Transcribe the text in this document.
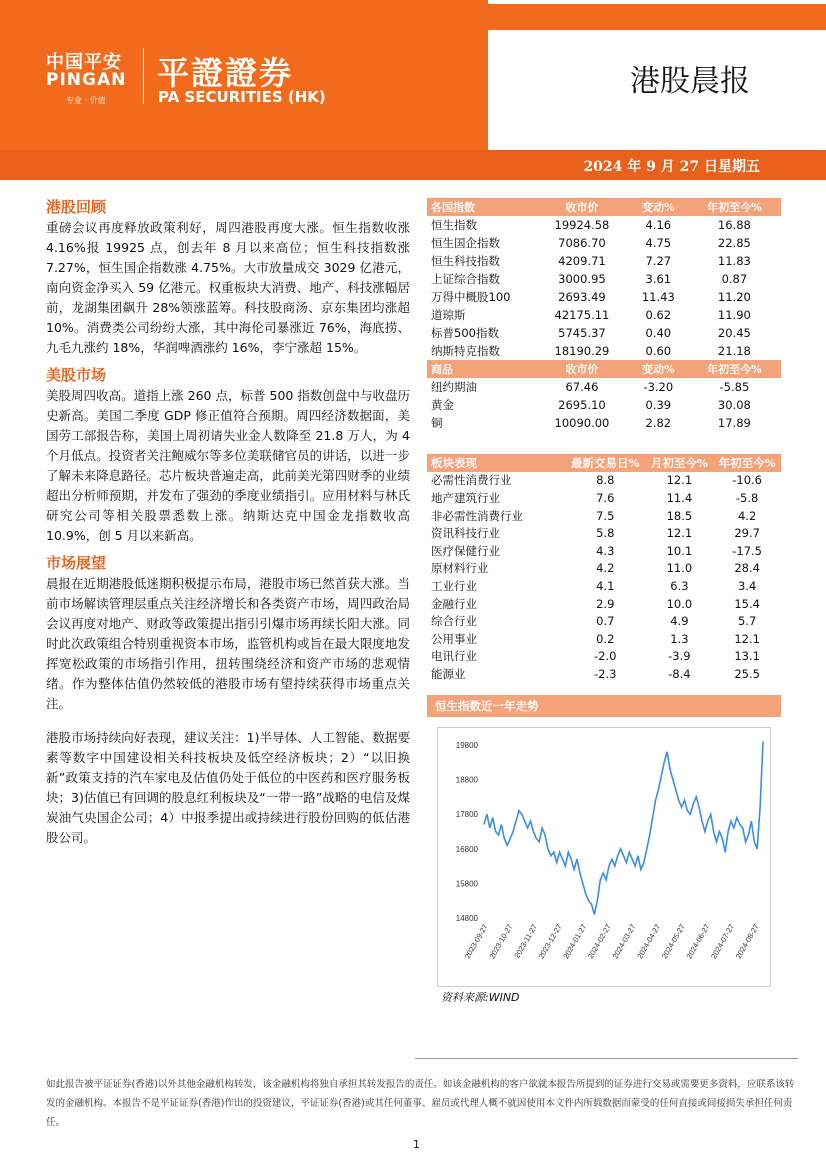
中国平安
PINGAN
专业 · 价值
平證證券
PA SECURITIES (HK)	港股晨报
2024 年 9 月 27 日星期五
港股回顾

重磅会议再度释放政策利好，周四港股再度大涨。恒生指数收涨 4.16%报 19925 点，创去年 8 月以来高位；恒生科技指数涨 7.27%，恒生国企指数涨 4.75%。大市放量成交 3029 亿港元，南向资金净买入 59 亿港元。权重板块大消费、地产、科技涨幅居前，龙湖集团飙升 28%领涨蓝筹。科技股商汤、京东集团均涨超 10%。消费类公司纷纷大涨，其中海伦司暴涨近 76%，海底捞、九毛九涨约 18%，华润啤酒涨约 16%，李宁涨超 15%。

美股市场

美股周四收高。道指上涨 260 点，标普 500 指数创盘中与收盘历史新高。美国二季度 GDP 修正值符合预期。周四经济数据面，美国劳工部报告称，美国上周初请失业金人数降至 21.8 万人，为 4 个月低点。投资者关注鲍威尔等多位美联储官员的讲话，以进一步了解未来降息路径。芯片板块普遍走高，此前美光第四财季的业绩超出分析师预期，并发布了强劲的季度业绩指引。应用材料与林氏研究公司等相关股票悉数上涨。纳斯达克中国金龙指数收高 10.9%，创 5 月以来新高。

市场展望

晨报在近期港股低迷期积极提示布局，港股市场已然首获大涨。当前市场解读管理层重点关注经济增长和各类资产市场，周四政治局会议再度对地产、财政等政策提出指引引爆市场再续长阳大涨。同时此次政策组合特别重视资本市场，监管机构或旨在最大限度地发挥宽松政策的市场指引作用，扭转围绕经济和资产市场的悲观情绪。作为整体估值仍然较低的港股市场有望持续获得市场重点关注。

港股市场持续向好表现，建议关注：1)半导体、人工智能、数据要素等数字中国建设相关科技板块及低空经济板块；2）“以旧换新”政策支持的汽车家电及估值仍处于低位的中医药和医疗服务板块；3)估值已有回调的股息红利板块及“一带一路”战略的电信及煤炭油气央国企公司；4）中报季提出或持续进行股份回购的低估港股公司。

各国指数	收市价	变动%	年初至今%
恒生指数	19924.58	4.16	16.88
恒生国企指数	7086.70	4.75	22.85
恒生科技指数	4209.71	7.27	11.83
上证综合指数	3000.95	3.61	0.87
万得中概股100	2693.49	11.43	11.20
道琼斯	42175.11	0.62	11.90
标普500指数	5745.37	0.40	20.45
纳斯特克指数	18190.29	0.60	21.18
商品	收市价	变动%	年初至今%
纽约期油	67.46	-3.20	-5.85
黄金	2695.10	0.39	30.08
铜	10090.00	2.82	17.89
板块表现	最新交易日%	月初至今%	年初至今%
必需性消费行业	8.8	12.1	-10.6
地产建筑行业	7.6	11.4	-5.8
非必需性消费行业	7.5	18.5	4.2
资讯科技行业	5.8	12.1	29.7
医疗保健行业	4.3	10.1	-17.5
原材料行业	4.2	11.0	28.4
工业行业	4.1	6.3	3.4
金融行业	2.9	10.0	15.4
综合行业	0.7	4.9	5.7
公用事业	0.2	1.3	12.1
电讯行业	-2.0	-3.9	13.1
能源业	-2.3	-8.4	25.5
恒生指数近一年走势
14800
15800
16800
17800
18800
19800
2023-09-27
2023-10-27
2023-11-27
2023-12-27
2024-01-27
2024-02-27
2024-03-27
2024-04-27
2024-05-27
2024-06-27
2024-07-27
2024-08-27
资料来源:WIND
如此报告被平证证券(香港)以外其他金融机构转发，该金融机构将独自承担其转发报告的责任。如该金融机构的客户欲就本报告所提到的证券进行交易或需要更多资料，应联系该转发的金融机构。本报告不是平证证券(香港)作出的投资建议，平证证券(香港)或其任何董事、雇员或代理人概不就因使用本文件内所载数据而蒙受的任何直接或间接损失承担任何责任。
1
